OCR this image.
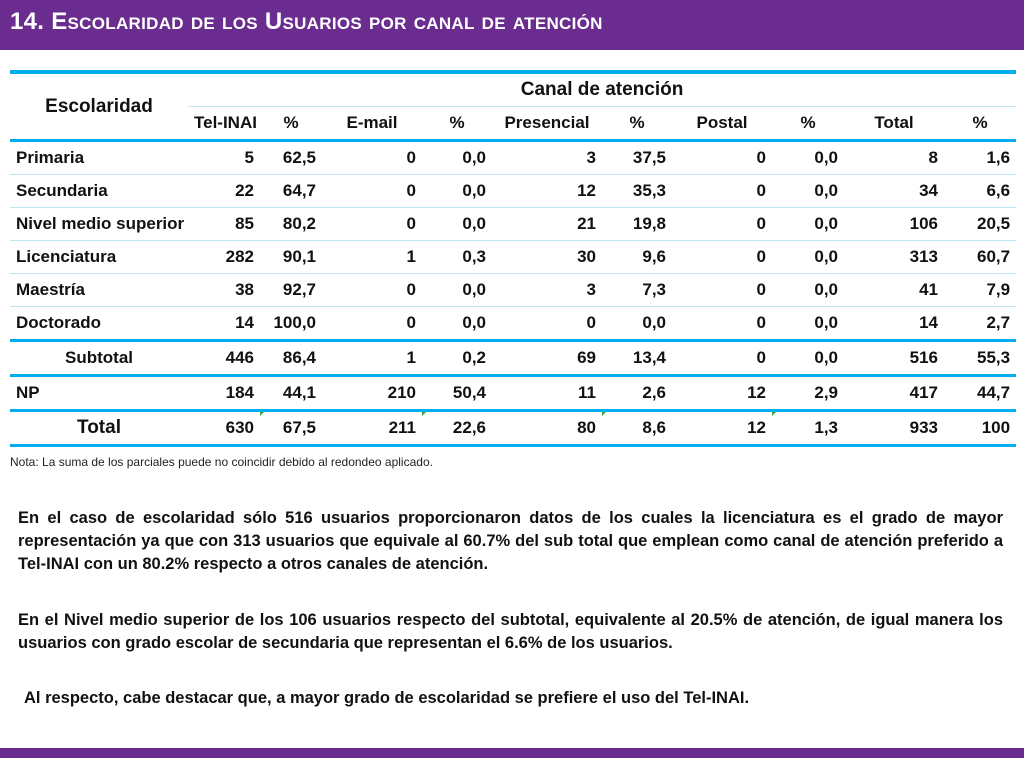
14. Escolaridad de los Usuarios por canal de atención
Escolaridad	Canal de atención									
	Tel-INAI	%	E-mail	%	Presencial	%	Postal	%	Total	%
Primaria	5	62,5	0	0,0	3	37,5	0	0,0	8	1,6
Secundaria	22	64,7	0	0,0	12	35,3	0	0,0	34	6,6
Nivel medio superior	85	80,2	0	0,0	21	19,8	0	0,0	106	20,5
Licenciatura	282	90,1	1	0,3	30	9,6	0	0,0	313	60,7
Maestría	38	92,7	0	0,0	3	7,3	0	0,0	41	7,9
Doctorado	14	100,0	0	0,0	0	0,0	0	0,0	14	2,7
Subtotal	446	86,4	1	0,2	69	13,4	0	0,0	516	55,3
NP	184	44,1	210	50,4	11	2,6	12	2,9	417	44,7
Total	630	67,5	211	22,6	80	8,6	12	1,3	933	100
Nota: La suma de los parciales puede no coincidir debido al redondeo aplicado.
En el caso de escolaridad sólo 516 usuarios proporcionaron datos de los cuales la licenciatura es el grado de mayor representación ya que con 313 usuarios que equivale al 60.7% del sub total que emplean como canal de atención preferido a Tel-INAI con un 80.2% respecto a otros canales de atención.
En el Nivel medio superior de los 106 usuarios respecto del subtotal, equivalente al 20.5% de atención, de igual manera los usuarios con grado escolar de secundaria que representan el 6.6% de los usuarios.
Al respecto, cabe destacar que, a mayor grado de escolaridad se prefiere el uso del Tel-INAI.
